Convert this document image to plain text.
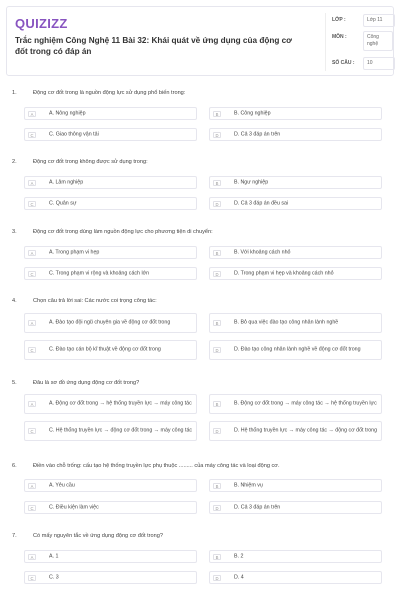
QUIZIZZ
Trắc nghiệm Công Nghệ 11 Bài 32: Khái quát về ứng dụng của động cơ đốt trong có đáp án
LỚP :	Lớp 11
MÔN :	Công nghệ
SỐ CÂU :	10
1.	Động cơ đốt trong là nguồn động lực sử dụng phổ biến trong:
A	A. Nông nghiệp	B	B. Công nghiệp
C	C. Giao thông vận tải	D	D. Cả 3 đáp án trên
2.	Động cơ đốt trong không được sử dụng trong:
A	A. Lâm nghiệp	B	B. Ngư nghiệp
C	C. Quân sự	D	D. Cả 3 đáp án đều sai
3.	Động cơ đốt trong dùng làm nguồn động lực cho phương tiện di chuyển:
A	A. Trong phạm vi hẹp	B	B. Với khoảng cách nhỏ
C	C. Trong phạm vi rộng và khoảng cách lớn	D	D. Trong phạm vi hẹp và khoảng cách nhỏ
4.	Chọn câu trả lời sai: Các nước coi trọng công tác:
A	A. Đào tạo đội ngũ chuyên gia về động cơ đốt trong	B	B. Bỏ qua việc đào tạo công nhân lành nghề
C	C. Đào tạo cán bộ kĩ thuật về động cơ đốt trong	D	D. Đào tạo công nhân lành nghề về động cơ đốt trong
5.	Đâu là sơ đồ ứng dụng động cơ đốt trong?
A	A. Động cơ đốt trong → hệ thống truyền lực → máy công tác	B	B. Động cơ đốt trong → máy công tác → hệ thống truyền lực
C	C. Hệ thống truyền lực → động cơ đốt trong → máy công tác	D	D. Hệ thống truyền lực → máy công tác → động cơ đốt trong
6.	Điền vào chỗ trống: cấu tạo hệ thống truyền lực phụ thuộc ......... của máy công tác và loại động cơ.
A	A. Yêu cầu	B	B. Nhiệm vụ
C	C. Điều kiện làm việc	D	D. Cả 3 đáp án trên
7.	Có mấy nguyên tắc về ứng dụng động cơ đốt trong?
A	A. 1	B	B. 2
C	C. 3	D	D. 4
